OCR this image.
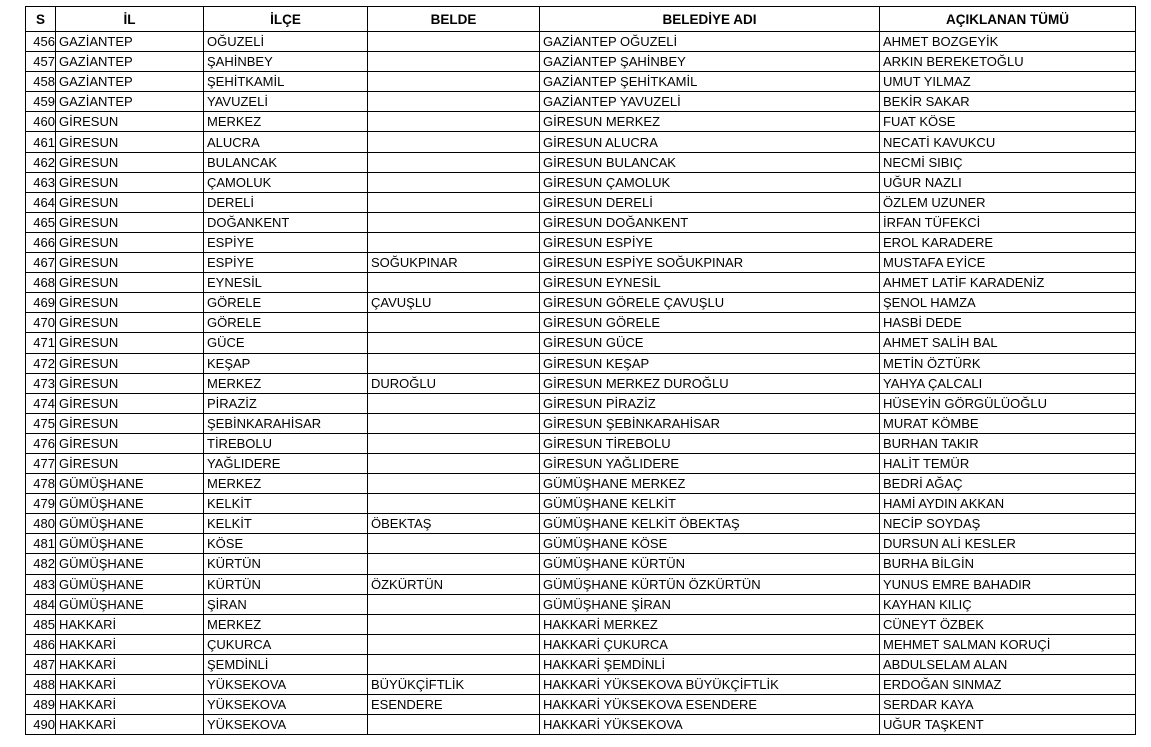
S	İL	İLÇE	BELDE	BELEDİYE ADI	AÇIKLANAN TÜMÜ
456	GAZİANTEP	OĞUZELİ		GAZİANTEP OĞUZELİ	AHMET BOZGEYİK
457	GAZİANTEP	ŞAHİNBEY		GAZİANTEP ŞAHİNBEY	ARKIN BEREKETOĞLU
458	GAZİANTEP	ŞEHİTKAMİL		GAZİANTEP ŞEHİTKAMİL	UMUT YILMAZ
459	GAZİANTEP	YAVUZELİ		GAZİANTEP YAVUZELİ	BEKİR SAKAR
460	GİRESUN	MERKEZ		GİRESUN MERKEZ	FUAT KÖSE
461	GİRESUN	ALUCRA		GİRESUN ALUCRA	NECATİ KAVUKCU
462	GİRESUN	BULANCAK		GİRESUN BULANCAK	NECMİ SIBIÇ
463	GİRESUN	ÇAMOLUK		GİRESUN ÇAMOLUK	UĞUR NAZLI
464	GİRESUN	DERELİ		GİRESUN DERELİ	ÖZLEM UZUNER
465	GİRESUN	DOĞANKENT		GİRESUN DOĞANKENT	İRFAN TÜFEKCİ
466	GİRESUN	ESPİYE		GİRESUN ESPİYE	EROL KARADERE
467	GİRESUN	ESPİYE	SOĞUKPINAR	GİRESUN ESPİYE SOĞUKPINAR	MUSTAFA EYİCE
468	GİRESUN	EYNESİL		GİRESUN EYNESİL	AHMET LATİF KARADENİZ
469	GİRESUN	GÖRELE	ÇAVUŞLU	GİRESUN GÖRELE ÇAVUŞLU	ŞENOL HAMZA
470	GİRESUN	GÖRELE		GİRESUN GÖRELE	HASBİ DEDE
471	GİRESUN	GÜCE		GİRESUN GÜCE	AHMET SALİH BAL
472	GİRESUN	KEŞAP		GİRESUN KEŞAP	METİN ÖZTÜRK
473	GİRESUN	MERKEZ	DUROĞLU	GİRESUN MERKEZ DUROĞLU	YAHYA ÇALCALI
474	GİRESUN	PİRAZİZ		GİRESUN PİRAZİZ	HÜSEYİN GÖRGÜLÜOĞLU
475	GİRESUN	ŞEBİNKARAHİSAR		GİRESUN ŞEBİNKARAHİSAR	MURAT KÖMBE
476	GİRESUN	TİREBOLU		GİRESUN TİREBOLU	BURHAN TAKIR
477	GİRESUN	YAĞLIDERE		GİRESUN YAĞLIDERE	HALİT TEMÜR
478	GÜMÜŞHANE	MERKEZ		GÜMÜŞHANE MERKEZ	BEDRİ AĞAÇ
479	GÜMÜŞHANE	KELKİT		GÜMÜŞHANE KELKİT	HAMİ AYDIN AKKAN
480	GÜMÜŞHANE	KELKİT	ÖBEKTAŞ	GÜMÜŞHANE KELKİT ÖBEKTAŞ	NECİP SOYDAŞ
481	GÜMÜŞHANE	KÖSE		GÜMÜŞHANE KÖSE	DURSUN ALİ KESLER
482	GÜMÜŞHANE	KÜRTÜN		GÜMÜŞHANE KÜRTÜN	BURHA BİLGİN
483	GÜMÜŞHANE	KÜRTÜN	ÖZKÜRTÜN	GÜMÜŞHANE KÜRTÜN ÖZKÜRTÜN	YUNUS EMRE BAHADIR
484	GÜMÜŞHANE	ŞİRAN		GÜMÜŞHANE ŞİRAN	KAYHAN KILIÇ
485	HAKKARİ	MERKEZ		HAKKARİ MERKEZ	CÜNEYT ÖZBEK
486	HAKKARİ	ÇUKURCA		HAKKARİ ÇUKURCA	MEHMET SALMAN KORUÇİ
487	HAKKARİ	ŞEMDİNLİ		HAKKARİ ŞEMDİNLİ	ABDULSELAM ALAN
488	HAKKARİ	YÜKSEKOVA	BÜYÜKÇİFTLİK	HAKKARİ YÜKSEKOVA BÜYÜKÇİFTLİK	ERDOĞAN SINMAZ
489	HAKKARİ	YÜKSEKOVA	ESENDERE	HAKKARİ YÜKSEKOVA ESENDERE	SERDAR KAYA
490	HAKKARİ	YÜKSEKOVA		HAKKARİ YÜKSEKOVA	UĞUR TAŞKENT
